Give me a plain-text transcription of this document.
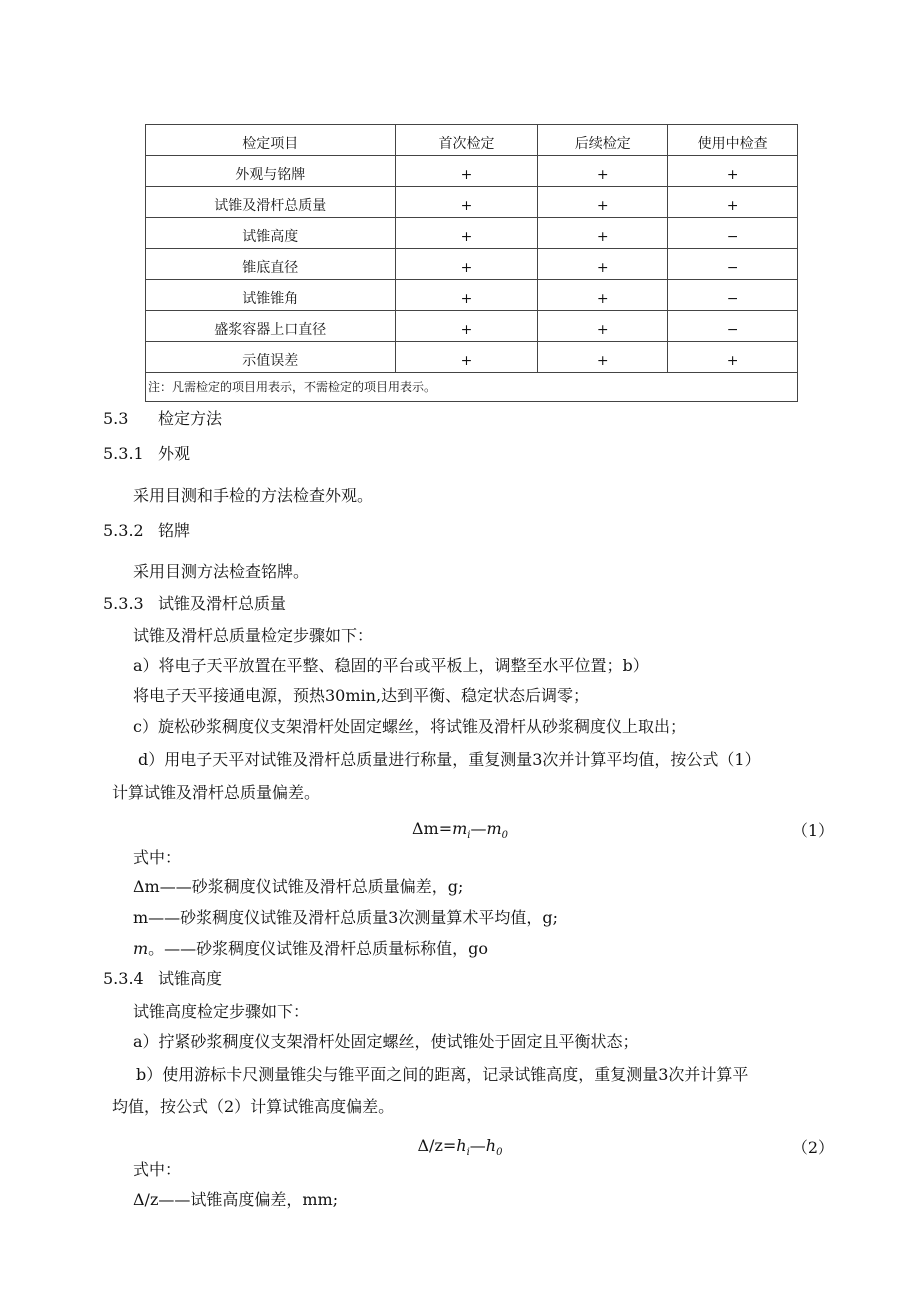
检定项目	首次检定	后续检定	使用中检查
外观与铭牌	+	+	+
试锥及滑杆总质量	+	+	+
试锥高度	+	+	−
锥底直径	+	+	−
试锥锥角	+	+	−
盛浆容器上口直径	+	+	−
示值误差	+	+	+
注：凡需检定的项目用表示，不需检定的项目用表示。			
5.3 检定方法
5.3.1 外观
采用目测和手检的方法检查外观。
5.3.2 铭牌
采用目测方法检查铭牌。
5.3.3 试锥及滑杆总质量
试锥及滑杆总质量检定步骤如下：
a）将电子天平放置在平整、稳固的平台或平板上，调整至水平位置；b）
将电子天平接通电源，预热30min,达到平衡、稳定状态后调零；
c）旋松砂浆稠度仪支架滑杆处固定螺丝，将试锥及滑杆从砂浆稠度仪上取出；
d）用电子天平对试锥及滑杆总质量进行称量，重复测量3次并计算平均值，按公式（1）
计算试锥及滑杆总质量偏差。
$\Delta m=m_i—m_0$	（1）
式中：
Δm——砂浆稠度仪试锥及滑杆总质量偏差，g;
m——砂浆稠度仪试锥及滑杆总质量3次测量算术平均值，g;
m。——砂浆稠度仪试锥及滑杆总质量标称值，go
5.3.4 试锥高度
试锥高度检定步骤如下：
a）拧紧砂浆稠度仪支架滑杆处固定螺丝，使试锥处于固定且平衡状态；
b）使用游标卡尺测量锥尖与锥平面之间的距离，记录试锥高度，重复测量3次并计算平
均值，按公式（2）计算试锥高度偏差。
$\Delta/z=h_i—h_0$	（2）
式中：
Δ/z——试锥高度偏差，mm;
